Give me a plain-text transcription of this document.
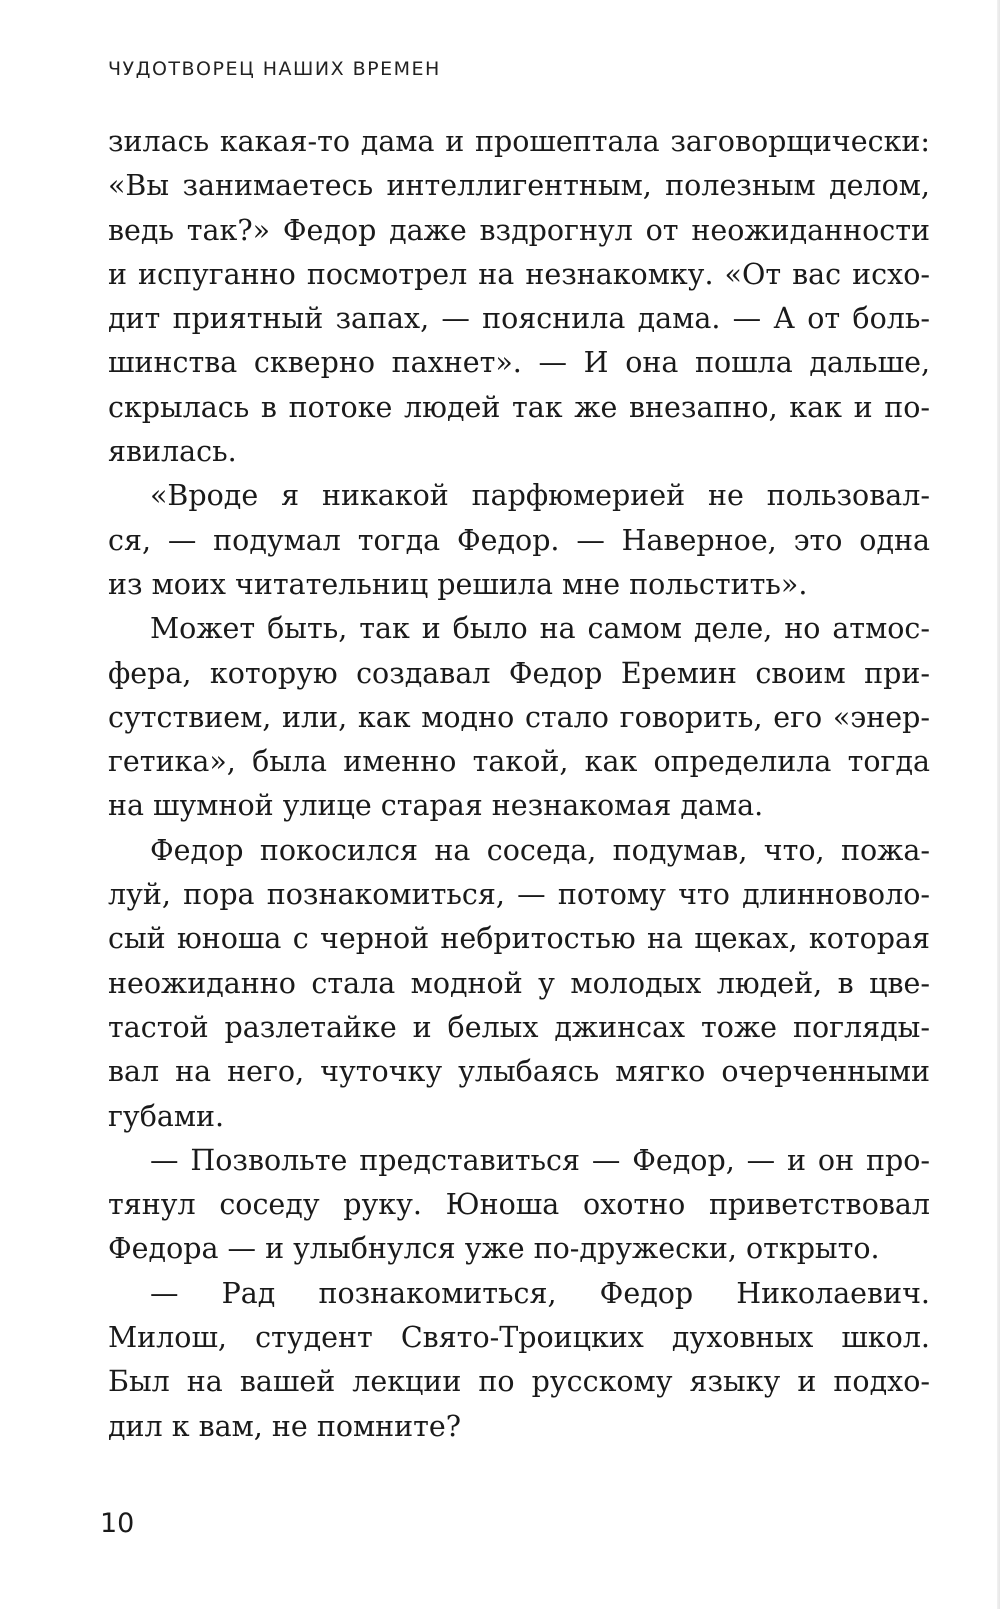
ЧУДОТВОРЕЦ НАШИХ ВРЕМЕН
зилась какая-то дама и прошептала заговорщически:
«Вы занимаетесь интеллигентным, полезным делом,
ведь так?» Федор даже вздрогнул от неожиданности
и испуганно посмотрел на незнакомку. «От вас исхо-
дит приятный запах, — пояснила дама. — А от боль-
шинства скверно пахнет». — И она пошла дальше,
скрылась в потоке людей так же внезапно, как и по-
явилась.
«Вроде я никакой парфюмерией не пользовал-
ся, — подумал тогда Федор. — Наверное, это одна
из моих читательниц решила мне польстить».
Может быть, так и было на самом деле, но атмос-
фера, которую создавал Федор Еремин своим при-
сутствием, или, как модно стало говорить, его «энер-
гетика», была именно такой, как определила тогда
на шумной улице старая незнакомая дама.
Федор покосился на соседа, подумав, что, пожа-
луй, пора познакомиться, — потому что длинноволо-
сый юноша с черной небритостью на щеках, которая
неожиданно стала модной у молодых людей, в цве-
тастой разлетайке и белых джинсах тоже погляды-
вал на него, чуточку улыбаясь мягко очерченными
губами.
— Позвольте представиться — Федор, — и он про-
тянул соседу руку. Юноша охотно приветствовал
Федора — и улыбнулся уже по-дружески, открыто.
— Рад познакомиться, Федор Николаевич.
Милош, студент Свято-Троицких духовных школ.
Был на вашей лекции по русскому языку и подхо-
дил к вам, не помните?
10
